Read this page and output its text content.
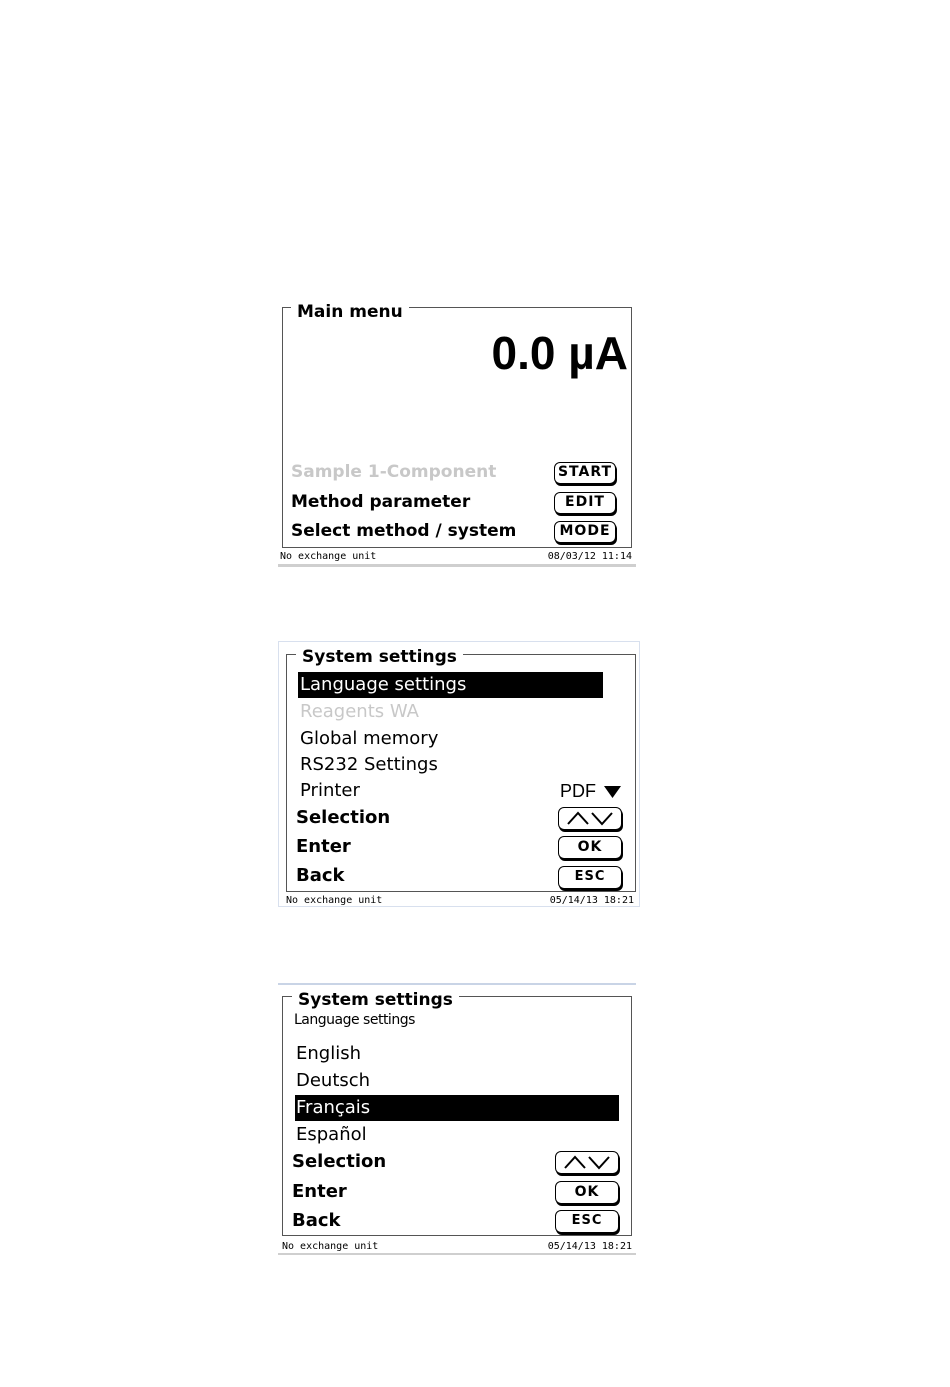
Main menu
0.0 µA
Sample 1-Component	START
Method parameter	EDIT
Select method / system	MODE
No exchange unit	08/03/12 11:14
System settings
Language settings
Reagents WA
Global memory
RS232 Settings
Printer	PDF
Selection
Enter	OK
Back	ESC
No exchange unit	05/14/13 18:21
System settings
Language settings
English
Deutsch
Français
Español
Selection
Enter	OK
Back	ESC
No exchange unit	05/14/13 18:21
